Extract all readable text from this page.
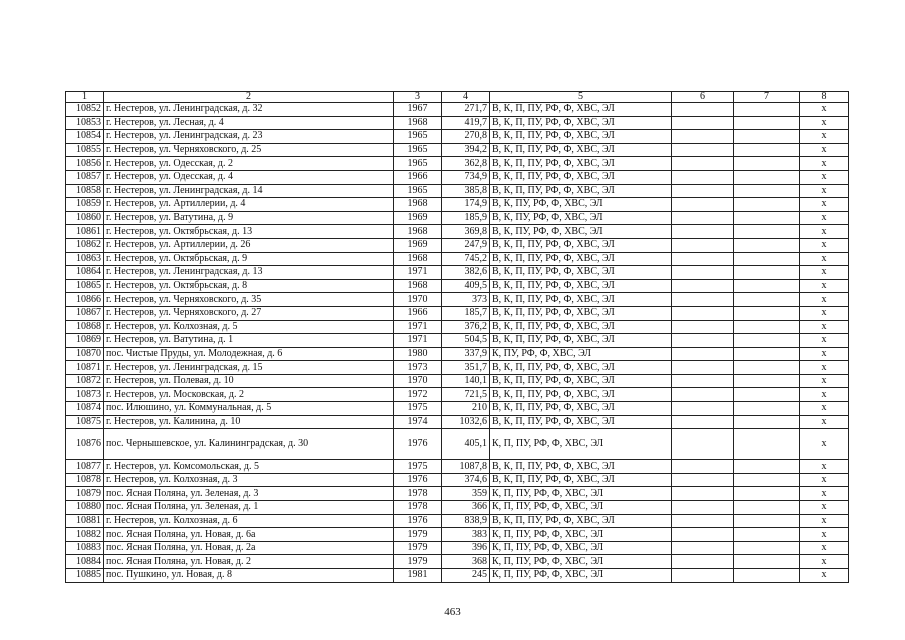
1	2	3	4	5	6	7	8
10852	г. Нестеров, ул. Ленинградская, д. 32	1967	271,7	В, К, П, ПУ, РФ, Ф, ХВС, ЭЛ			х
10853	г. Нестеров, ул. Лесная, д. 4	1968	419,7	В, К, П, ПУ, РФ, Ф, ХВС, ЭЛ			х
10854	г. Нестеров, ул. Ленинградская, д. 23	1965	270,8	В, К, П, ПУ, РФ, Ф, ХВС, ЭЛ			х
10855	г. Нестеров, ул. Черняховского, д. 25	1965	394,2	В, К, П, ПУ, РФ, Ф, ХВС, ЭЛ			х
10856	г. Нестеров, ул. Одесская, д. 2	1965	362,8	В, К, П, ПУ, РФ, Ф, ХВС, ЭЛ			х
10857	г. Нестеров, ул. Одесская, д. 4	1966	734,9	В, К, П, ПУ, РФ, Ф, ХВС, ЭЛ			х
10858	г. Нестеров, ул. Ленинградская, д. 14	1965	385,8	В, К, П, ПУ, РФ, Ф, ХВС, ЭЛ			х
10859	г. Нестеров, ул. Артиллерии, д. 4	1968	174,9	В, К, ПУ, РФ, Ф, ХВС, ЭЛ			х
10860	г. Нестеров, ул. Ватутина, д. 9	1969	185,9	В, К, ПУ, РФ, Ф, ХВС, ЭЛ			х
10861	г. Нестеров, ул. Октябрьская, д. 13	1968	369,8	В, К, ПУ, РФ, Ф, ХВС, ЭЛ			х
10862	г. Нестеров, ул. Артиллерии, д. 26	1969	247,9	В, К, П, ПУ, РФ, Ф, ХВС, ЭЛ			х
10863	г. Нестеров, ул. Октябрьская, д. 9	1968	745,2	В, К, П, ПУ, РФ, Ф, ХВС, ЭЛ			х
10864	г. Нестеров, ул. Ленинградская, д. 13	1971	382,6	В, К, П, ПУ, РФ, Ф, ХВС, ЭЛ			х
10865	г. Нестеров, ул. Октябрьская, д. 8	1968	409,5	В, К, П, ПУ, РФ, Ф, ХВС, ЭЛ			х
10866	г. Нестеров, ул. Черняховского, д. 35	1970	373	В, К, П, ПУ, РФ, Ф, ХВС, ЭЛ			х
10867	г. Нестеров, ул. Черняховского, д. 27	1966	185,7	В, К, П, ПУ, РФ, Ф, ХВС, ЭЛ			х
10868	г. Нестеров, ул. Колхозная, д. 5	1971	376,2	В, К, П, ПУ, РФ, Ф, ХВС, ЭЛ			х
10869	г. Нестеров, ул. Ватутина, д. 1	1971	504,5	В, К, П, ПУ, РФ, Ф, ХВС, ЭЛ			х
10870	пос. Чистые Пруды, ул. Молодежная, д. 6	1980	337,9	К, ПУ, РФ, Ф, ХВС, ЭЛ			х
10871	г. Нестеров, ул. Ленинградская, д. 15	1973	351,7	В, К, П, ПУ, РФ, Ф, ХВС, ЭЛ			х
10872	г. Нестеров, ул. Полевая, д. 10	1970	140,1	В, К, П, ПУ, РФ, Ф, ХВС, ЭЛ			х
10873	г. Нестеров, ул. Московская, д. 2	1972	721,5	В, К, П, ПУ, РФ, Ф, ХВС, ЭЛ			х
10874	пос. Илюшино, ул. Коммунальная, д. 5	1975	210	В, К, П, ПУ, РФ, Ф, ХВС, ЭЛ			х
10875	г. Нестеров, ул. Калинина, д. 10	1974	1032,6	В, К, П, ПУ, РФ, Ф, ХВС, ЭЛ			х
10876	пос. Чернышевское, ул. Калининградская, д. 30	1976	405,1	К, П, ПУ, РФ, Ф, ХВС, ЭЛ			х
10877	г. Нестеров, ул. Комсомольская, д. 5	1975	1087,8	В, К, П, ПУ, РФ, Ф, ХВС, ЭЛ			х
10878	г. Нестеров, ул. Колхозная, д. 3	1976	374,6	В, К, П, ПУ, РФ, Ф, ХВС, ЭЛ			х
10879	пос. Ясная Поляна, ул. Зеленая, д. 3	1978	359	К, П, ПУ, РФ, Ф, ХВС, ЭЛ			х
10880	пос. Ясная Поляна, ул. Зеленая, д. 1	1978	366	К, П, ПУ, РФ, Ф, ХВС, ЭЛ			х
10881	г. Нестеров, ул. Колхозная, д. 6	1976	838,9	В, К, П, ПУ, РФ, Ф, ХВС, ЭЛ			х
10882	пос. Ясная Поляна, ул. Новая, д. 6а	1979	383	К, П, ПУ, РФ, Ф, ХВС, ЭЛ			х
10883	пос. Ясная Поляна, ул. Новая, д. 2а	1979	396	К, П, ПУ, РФ, Ф, ХВС, ЭЛ			х
10884	пос. Ясная Поляна, ул. Новая, д. 2	1979	368	К, П, ПУ, РФ, Ф, ХВС, ЭЛ			х
10885	пос. Пушкино, ул. Новая, д. 8	1981	245	К, П, ПУ, РФ, Ф, ХВС, ЭЛ			х
463
